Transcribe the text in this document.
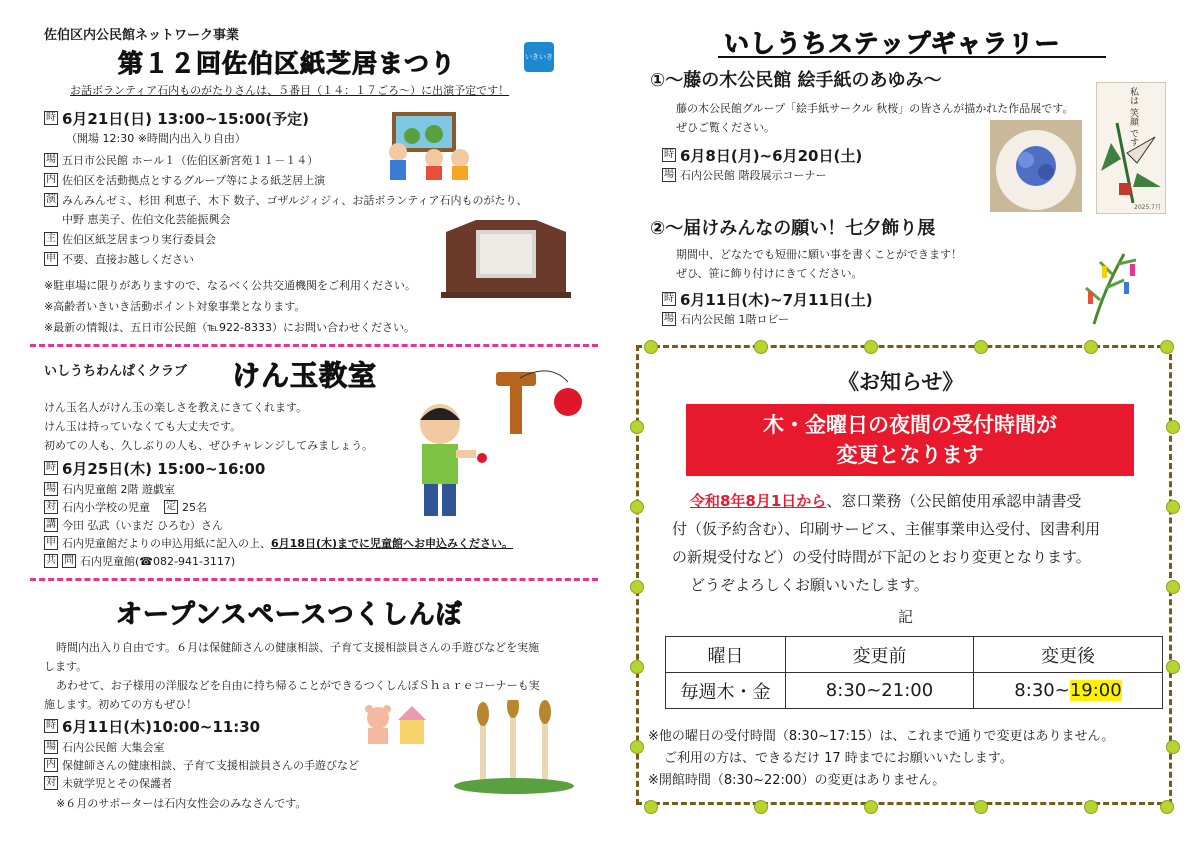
佐伯区内公民館ネットワーク事業
第１２回佐伯区紙芝居まつり	いきいき
お話ボランティア石内ものがたりさんは、５番目（１４：１７ごろ～）に出演予定です！
時 6月21日(日) 13:00~15:00(予定)
（開場 12:30 ※時間内出入り自由）
場 五日市公民館 ホール１（佐伯区新宮苑１１－１４）
内 佐伯区を活動拠点とするグループ等による紙芝居上演
演 みんみんゼミ、杉田 利恵子、木下 数子、ゴザルジィジィ、お話ボランティア石内ものがたり、
中野 恵美子、佐伯文化芸能振興会
主 佐伯区紙芝居まつり実行委員会
申 不要、直接お越しください
※駐車場に限りがありますので、なるべく公共交通機関をご利用ください。
※高齢者いきいき活動ポイント対象事業となります。
※最新の情報は、五日市公民館（℡922-8333）にお問い合わせください。
いしうちわんぱくクラブ けん玉教室
けん玉名人がけん玉の楽しさを教えにきてくれます。
けん玉は持っていなくても大丈夫です。
初めての人も、久しぶりの人も、ぜひチャレンジしてみましょう。
時 6月25日(木) 15:00~16:00
場 石内児童館 2階 遊戯室
対 石内小学校の児童 定 25名
講 今田 弘武（いまだ ひろむ）さん
申 石内児童館だよりの申込用紙に記入の上、 6月18日(木)までに児童館へお申込みください。
共 問 石内児童館(☎082-941-3117)
オープンスペースつくしんぼ
時間内出入り自由です。６月は保健師さんの健康相談、子育て支援相談員さんの手遊びなどを実施
します。
あわせて、お子様用の洋服などを自由に持ち帰ることができるつくしんぼＳｈａｒｅコーナーも実
施します。初めての方もぜひ！
時 6月11日(木)10:00~11:30
場 石内公民館 大集会室
内 保健師さんの健康相談、子育て支援相談員さんの手遊びなど
対 未就学児とその保護者
※６月のサポーターは石内女性会のみなさんです。
いしうちステップギャラリー
①～藤の木公民館 絵手紙のあゆみ～
藤の木公民館グループ「絵手紙サークル 秋桜」の皆さんが描かれた作品展です。
ぜひご覧ください。
時 6月8日(月)~6月20日(土)
場 石内公民館 階段展示コーナー
私は 笑顔 です
2025.7月
②～届けみんなの願い！七夕飾り展
期間中、どなたでも短冊に願い事を書くことができます！
ぜひ、笹に飾り付けにきてください。
時 6月11日(木)~7月11日(土)
場 石内公民館 1階ロビー
《お知らせ》
木・金曜日の夜間の受付時間が
変更となります
令和8年8月1日から、窓口業務（公民館使用承認申請書受
付（仮予約含む）、印刷サービス、主催事業申込受付、図書利用
の新規受付など）の受付時間が下記のとおり変更となります。
どうぞよろしくお願いいたします。
記
曜日	変更前	変更後
毎週木・金	8:30~21:00	8:30~19:00
※他の曜日の受付時間（8:30~17:15）は、これまで通りで変更はありません。
ご利用の方は、できるだけ 17 時までにお願いいたします。
※開館時間（8:30~22:00）の変更はありません。
